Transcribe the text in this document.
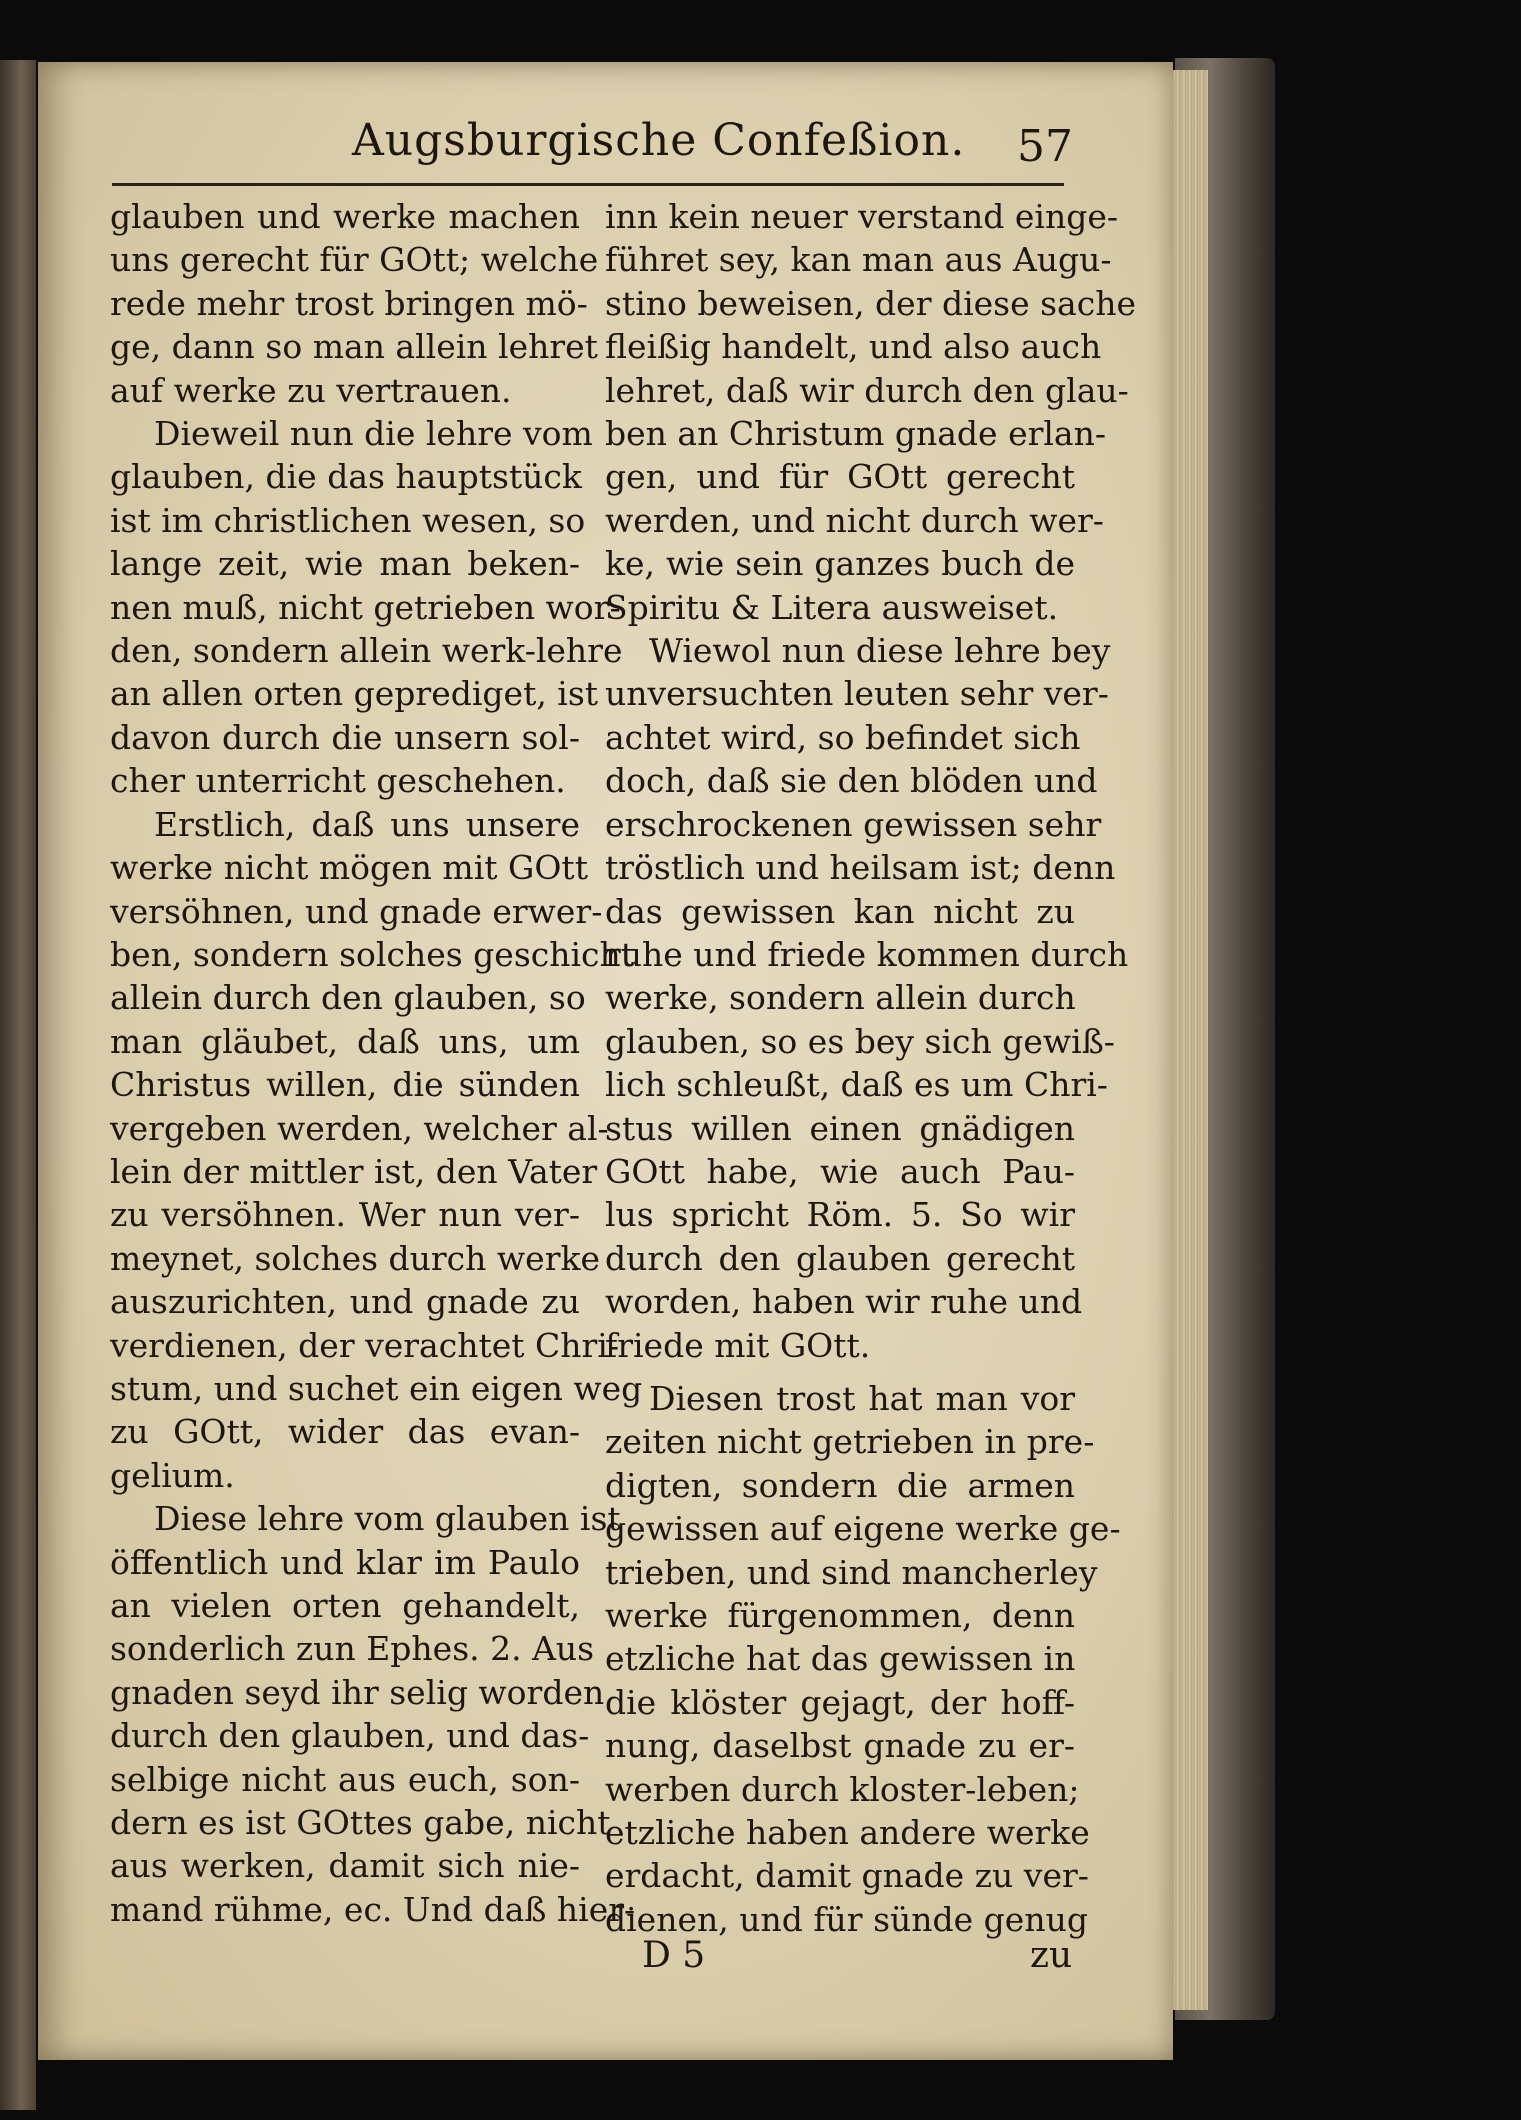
Augsburgische Confeßion. 57
glauben und werke machen
uns gerecht für GOtt; welche
rede mehr trost bringen mö-
ge, dann so man allein lehret
auf werke zu vertrauen.
Dieweil nun die lehre vom
glauben, die das hauptstück
ist im christlichen wesen, so
lange zeit, wie man beken-
nen muß, nicht getrieben wor-
den, sondern allein werk-lehre
an allen orten geprediget, ist
davon durch die unsern sol-
cher unterricht geschehen.
Erstlich, daß uns unsere
werke nicht mögen mit GOtt
versöhnen, und gnade erwer-
ben, sondern solches geschicht
allein durch den glauben, so
man gläubet, daß uns, um
Christus willen, die sünden
vergeben werden, welcher al-
lein der mittler ist, den Vater
zu versöhnen. Wer nun ver-
meynet, solches durch werke
auszurichten, und gnade zu
verdienen, der verachtet Chri-
stum, und suchet ein eigen weg
zu GOtt, wider das evan-
gelium.
Diese lehre vom glauben ist
öffentlich und klar im Paulo
an vielen orten gehandelt,
sonderlich zun Ephes. 2. Aus
gnaden seyd ihr selig worden
durch den glauben, und das-
selbige nicht aus euch, son-
dern es ist GOttes gabe, nicht
aus werken, damit sich nie-
mand rühme, ec. Und daß hier-
inn kein neuer verstand einge-
führet sey, kan man aus Augu-
stino beweisen, der diese sache
fleißig handelt, und also auch
lehret, daß wir durch den glau-
ben an Christum gnade erlan-
gen, und für GOtt gerecht
werden, und nicht durch wer-
ke, wie sein ganzes buch de
Spiritu & Litera ausweiset.
Wiewol nun diese lehre bey
unversuchten leuten sehr ver-
achtet wird, so befindet sich
doch, daß sie den blöden und
erschrockenen gewissen sehr
tröstlich und heilsam ist; denn
das gewissen kan nicht zu
ruhe und friede kommen durch
werke, sondern allein durch
glauben, so es bey sich gewiß-
lich schleußt, daß es um Chri-
stus willen einen gnädigen
GOtt habe, wie auch Pau-
lus spricht Röm. 5. So wir
durch den glauben gerecht
worden, haben wir ruhe und
friede mit GOtt.
Diesen trost hat man vor
zeiten nicht getrieben in pre-
digten, sondern die armen
gewissen auf eigene werke ge-
trieben, und sind mancherley
werke fürgenommen, denn
etzliche hat das gewissen in
die klöster gejagt, der hoff-
nung, daselbst gnade zu er-
werben durch kloster-leben;
etzliche haben andere werke
erdacht, damit gnade zu ver-
dienen, und für sünde genug
D 5	zu
